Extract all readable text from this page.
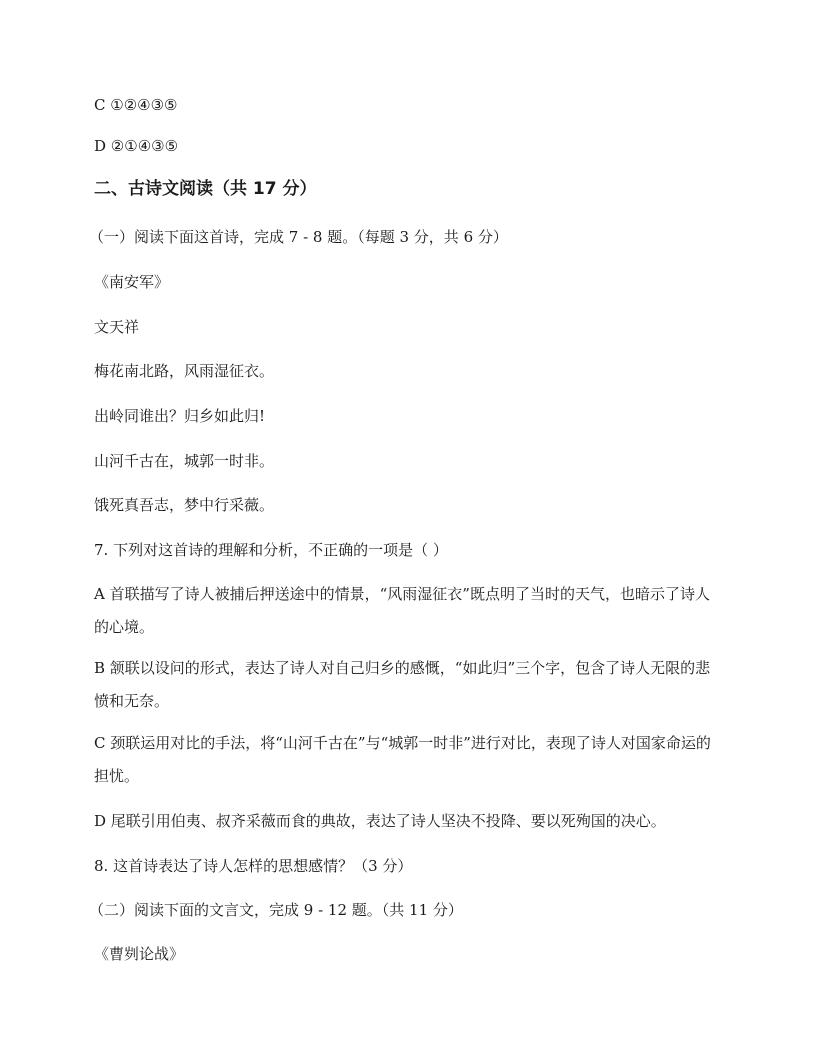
C ①②④③⑤
D ②①④③⑤
二、古诗文阅读（共 17 分）
（一）阅读下面这首诗，完成 7 - 8 题。（每题 3 分，共 6 分）
《南安军》
文天祥
梅花南北路，风雨湿征衣。
出岭同谁出？归乡如此归!
山河千古在，城郭一时非。
饿死真吾志，梦中行采薇。
7. 下列对这首诗的理解和分析，不正确的一项是（ ）
A 首联描写了诗人被捕后押送途中的情景，“风雨湿征衣”既点明了当时的天气，也暗示了诗人的心境。
B 颔联以设问的形式，表达了诗人对自己归乡的感慨，“如此归”三个字，包含了诗人无限的悲愤和无奈。
C 颈联运用对比的手法，将“山河千古在”与“城郭一时非”进行对比，表现了诗人对国家命运的担忧。
D 尾联引用伯夷、叔齐采薇而食的典故，表达了诗人坚决不投降、要以死殉国的决心。
8. 这首诗表达了诗人怎样的思想感情？（3 分）
（二）阅读下面的文言文，完成 9 - 12 题。（共 11 分）
《曹刿论战》
